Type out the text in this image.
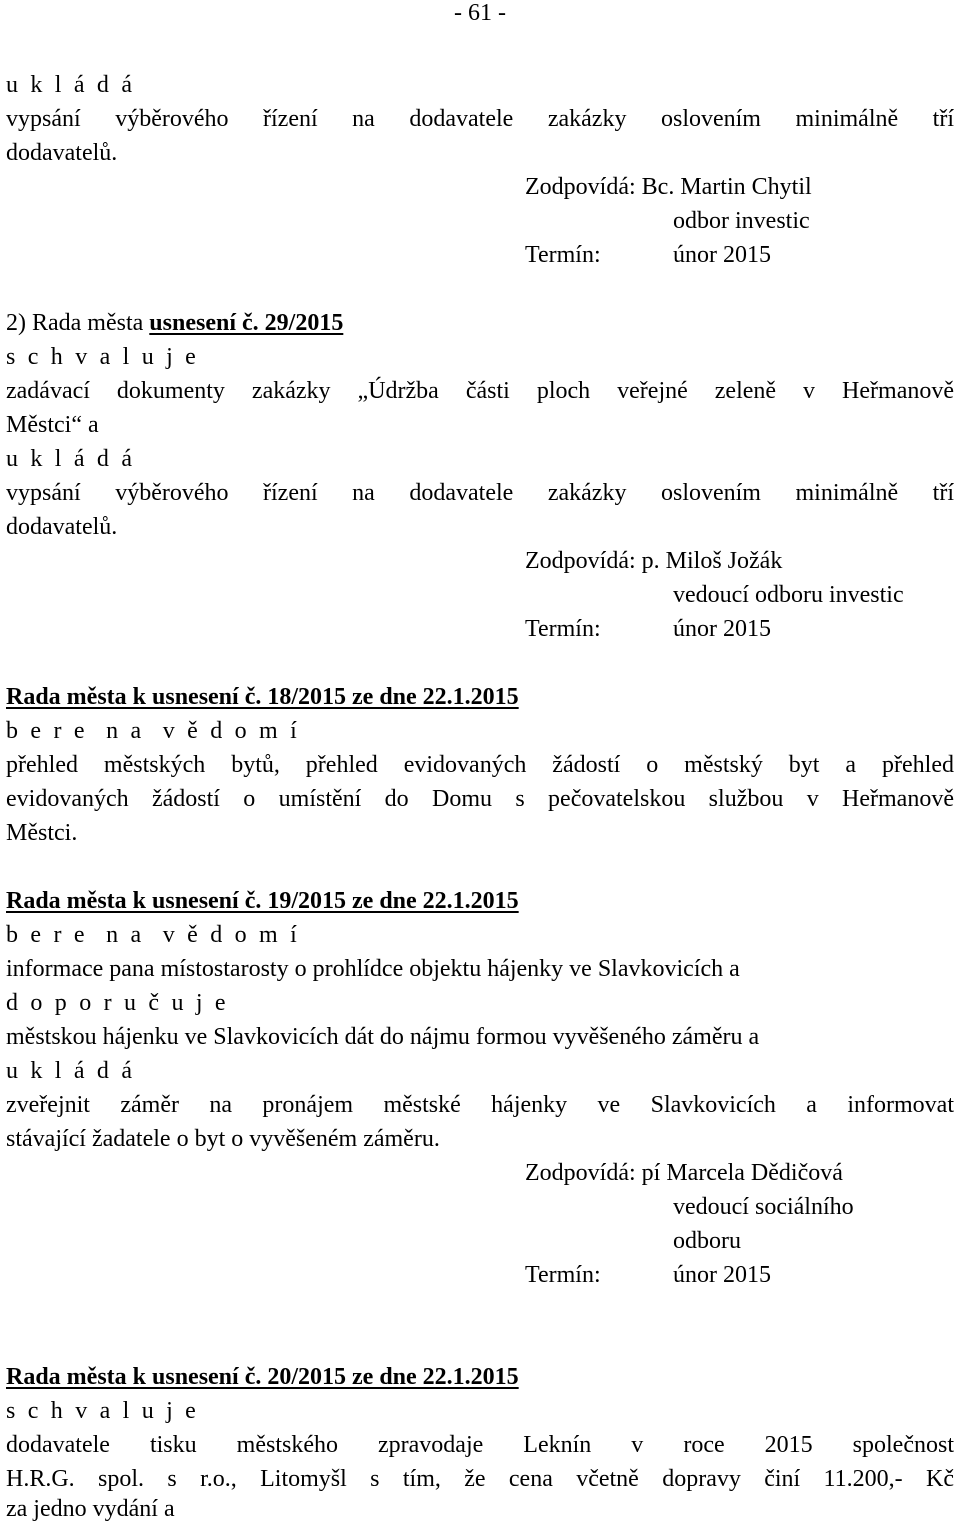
- 61 -
u k l á d á
vypsání výběrového řízení na dodavatele zakázky oslovením minimálně tří
dodavatelů.
Zodpovídá: Bc. Martin Chytil
odbor investic
Termín:	únor 2015
2) Rada města usnesení č. 29/2015
s c h v a l u j e
zadávací dokumenty zakázky „Údržba části ploch veřejné zeleně v Heřmanově
Městci“ a
u k l á d á
vypsání výběrového řízení na dodavatele zakázky oslovením minimálně tří
dodavatelů.
Zodpovídá: p. Miloš Jožák
vedoucí odboru investic
Termín:	únor 2015
Rada města k usnesení č. 18/2015 ze dne 22.1.2015
b e r e  n a  v ě d o m í
přehled městských bytů, přehled evidovaných žádostí o městský byt a přehled
evidovaných žádostí o umístění do Domu s pečovatelskou službou v Heřmanově
Městci.
Rada města k usnesení č. 19/2015 ze dne 22.1.2015
b e r e  n a  v ě d o m í
informace pana místostarosty o prohlídce objektu hájenky ve Slavkovicích a
d o p o r u č u j e
městskou hájenku ve Slavkovicích dát do nájmu formou vyvěšeného záměru a
u k l á d á
zveřejnit záměr na pronájem městské hájenky ve Slavkovicích a informovat
stávající žadatele o byt o vyvěšeném záměru.
Zodpovídá: pí Marcela Dědičová
vedoucí sociálního
odboru
Termín:	únor 2015
Rada města k usnesení č. 20/2015 ze dne 22.1.2015
s c h v a l u j e
dodavatele tisku městského zpravodaje Leknín v roce 2015 společnost
H.R.G. spol. s r.o., Litomyšl s tím, že cena včetně dopravy činí 11.200,- Kč
za jedno vydání a
